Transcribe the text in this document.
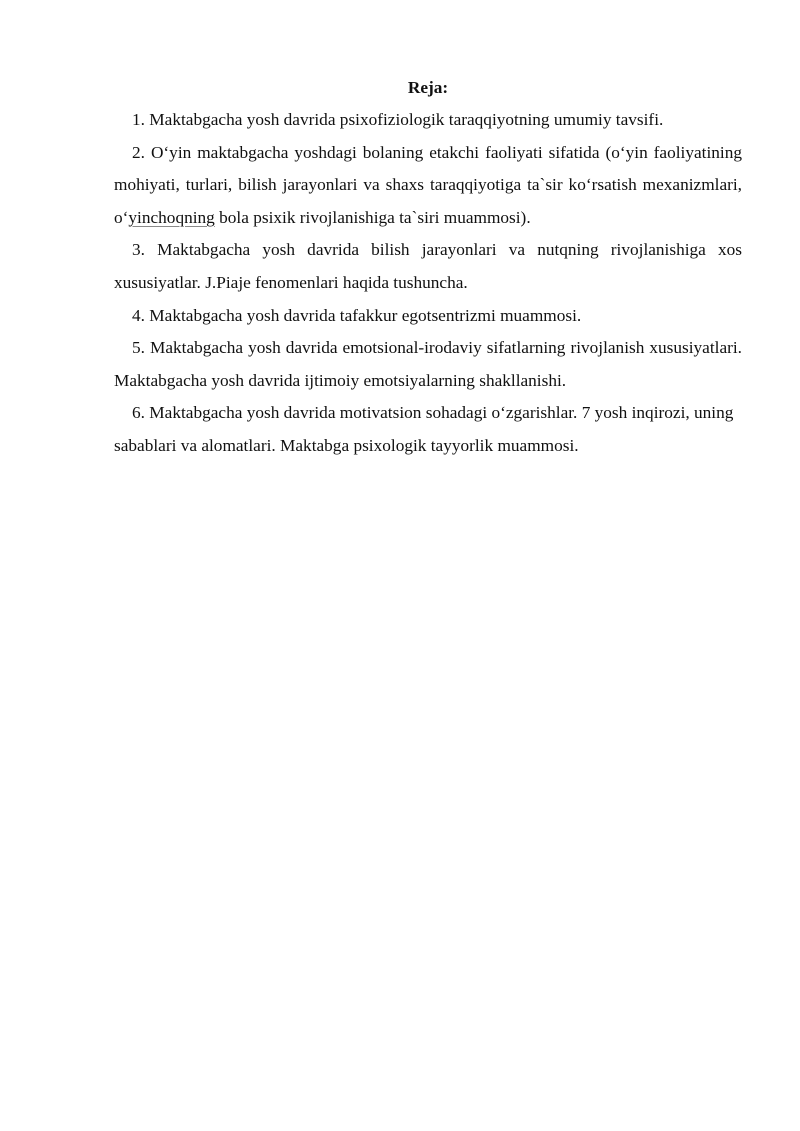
Reja:

1. Maktabgacha yosh davrida psixofiziologik taraqqiyotning umumiy tavsifi.

2. O‘yin maktabgacha yoshdagi bolaning etakchi faoliyati sifatida (o‘yin faoliyatining mohiyati, turlari, bilish jarayonlari va shaxs taraqqiyotiga ta`sir ko‘rsatish mexanizmlari, o‘yinchoqning bola psixik rivojlanishiga ta`siri muammosi).

3. Maktabgacha yosh davrida bilish jarayonlari va nutqning rivojlanishiga xos xususiyatlar. J.Piaje fenomenlari haqida tushuncha.

4. Maktabgacha yosh davrida tafakkur egotsentrizmi muammosi.

5. Maktabgacha yosh davrida emotsional-irodaviy sifatlarning rivojlanish xususiyatlari. Maktabgacha yosh davrida ijtimoiy emotsiyalarning shakllanishi.

6. Maktabgacha yosh davrida motivatsion sohadagi o‘zgarishlar. 7 yosh inqirozi, uning sabablari va alomatlari. Maktabga psixologik tayyorlik muammosi.
